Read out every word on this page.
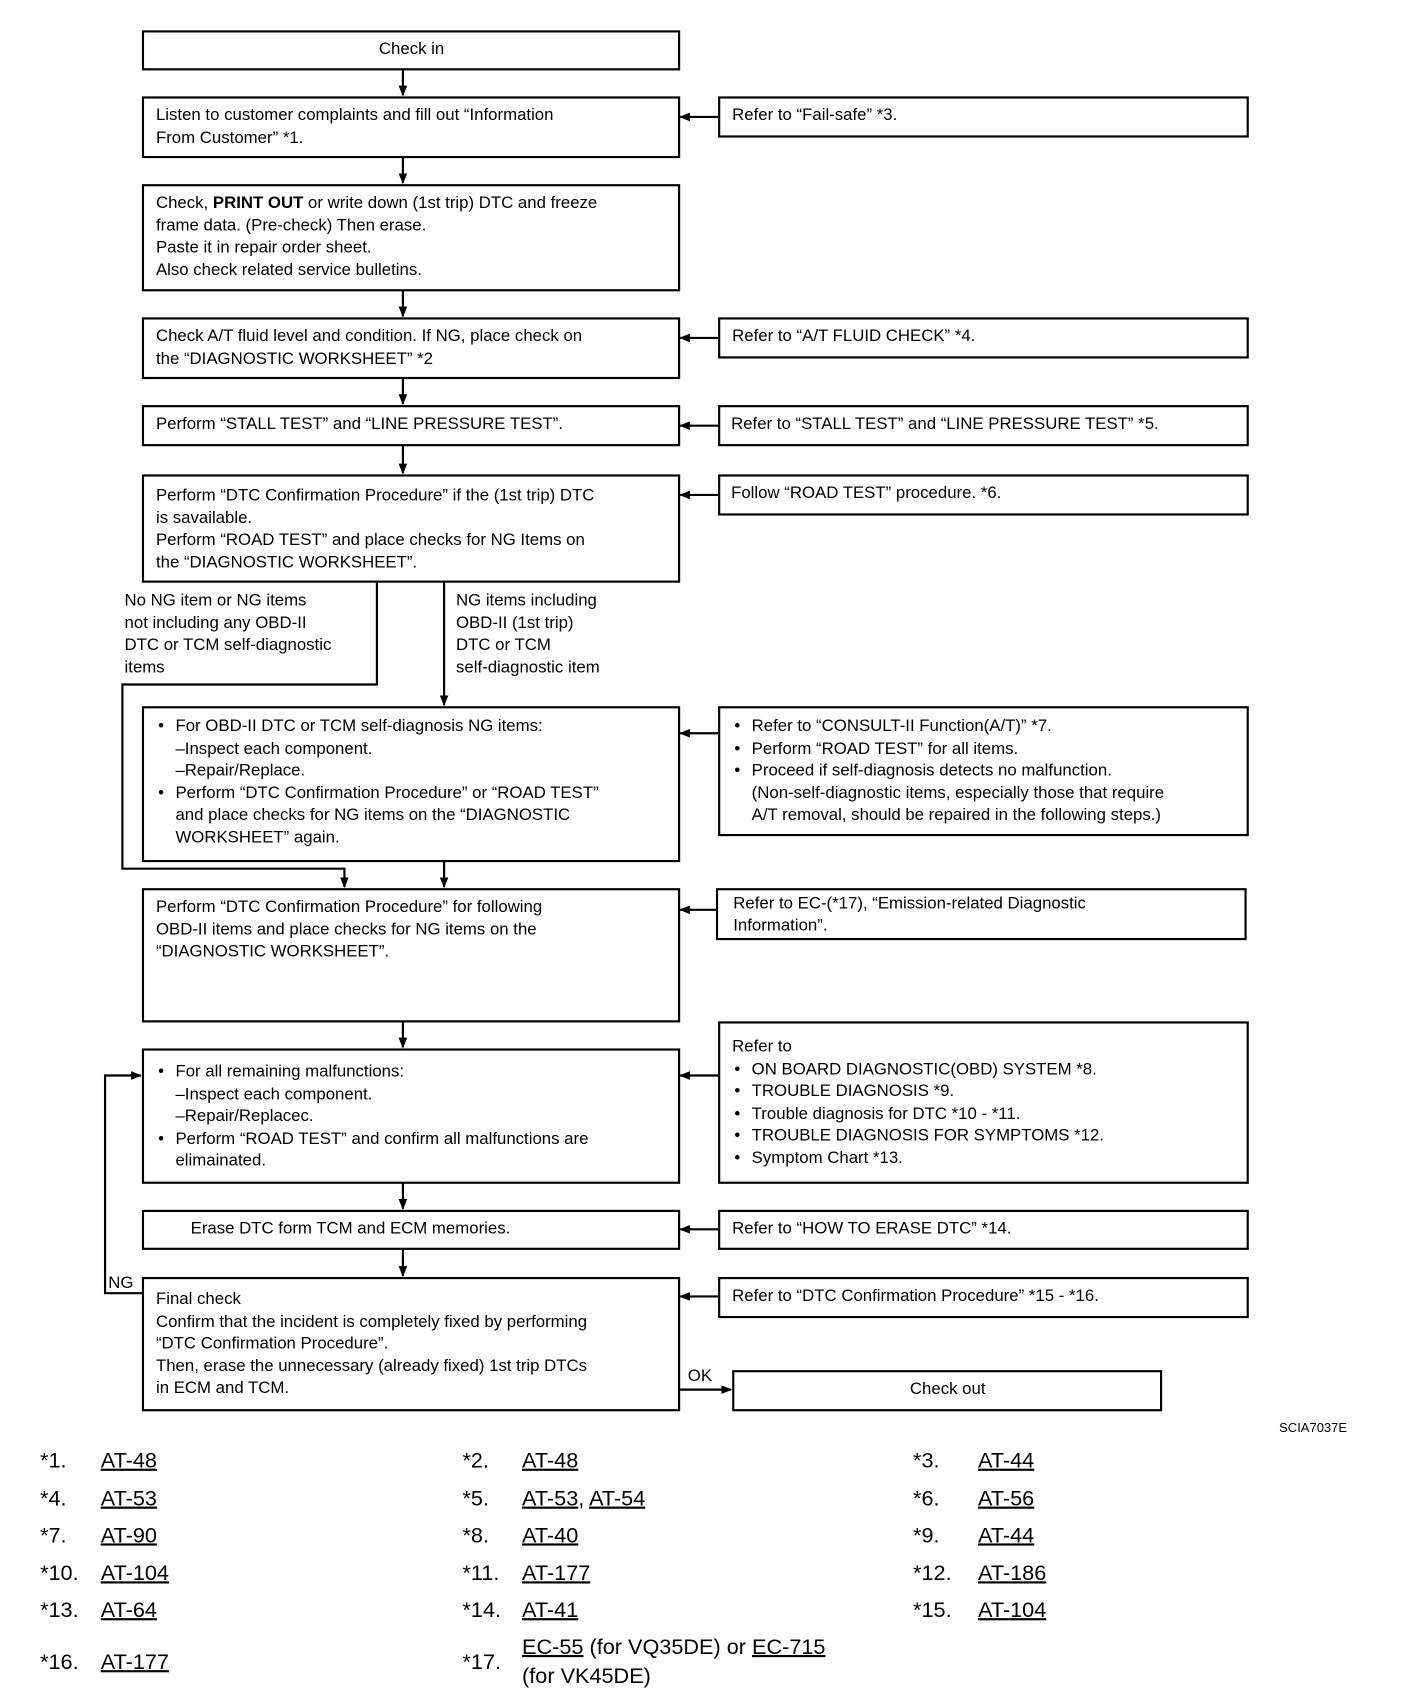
Check in
Listen to customer complaints and fill out “Information
From Customer” *1.
Refer to “Fail-safe” *3.
Check, PRINT OUT or write down (1st trip) DTC and freeze
frame data. (Pre-check) Then erase.
Paste it in repair order sheet.
Also check related service bulletins.
Check A/T fluid level and condition. If NG, place check on
the “DIAGNOSTIC WORKSHEET” *2
Refer to “A/T FLUID CHECK” *4.
Perform “STALL TEST” and “LINE PRESSURE TEST”.	Refer to “STALL TEST” and “LINE PRESSURE TEST” *5.
Perform “DTC Confirmation Procedure” if the (1st trip) DTC
is savailable.
Perform “ROAD TEST” and place checks for NG Items on
the “DIAGNOSTIC WORKSHEET”.
Follow “ROAD TEST” procedure. *6.
No NG item or NG items
not including any OBD-II
DTC or TCM self-diagnostic
items
NG items including
OBD-II (1st trip)
DTC or TCM
self-diagnostic item
• For OBD-II DTC or TCM self-diagnosis NG items:
–Inspect each component.
–Repair/Replace.
• Perform “DTC Confirmation Procedure” or “ROAD TEST”
and place checks for NG items on the “DIAGNOSTIC
WORKSHEET” again.
• Refer to “CONSULT-II Function(A/T)” *7.
• Perform “ROAD TEST” for all items.
• Proceed if self-diagnosis detects no malfunction.
(Non-self-diagnostic items, especially those that require
A/T removal, should be repaired in the following steps.)
Perform “DTC Confirmation Procedure” for following
OBD-II items and place checks for NG items on the
“DIAGNOSTIC WORKSHEET”.
Refer to EC-(*17), “Emission-related Diagnostic
Information”.
• For all remaining malfunctions:
–Inspect each component.
–Repair/Replacec.
• Perform “ROAD TEST” and confirm all malfunctions are
elimainated.
Refer to
• ON BOARD DIAGNOSTIC(OBD) SYSTEM *8.
• TROUBLE DIAGNOSIS *9.
• Trouble diagnosis for DTC *10 - *11.
• TROUBLE DIAGNOSIS FOR SYMPTOMS *12.
• Symptom Chart *13.
Erase DTC form TCM and ECM memories.	Refer to “HOW TO ERASE DTC” *14.
NG
Final check
Confirm that the incident is completely fixed by performing
“DTC Confirmation Procedure”.
Then, erase the unnecessary (already fixed) 1st trip DTCs
in ECM and TCM.
Refer to “DTC Confirmation Procedure” *15 - *16.
OK
Check out
SCIA7037E
*1. AT-48	*2. AT-48	*3. AT-44
*4. AT-53	*5. AT-53, AT-54	*6. AT-56
*7. AT-90	*8. AT-40	*9. AT-44
*10. AT-104	*11. AT-177	*12. AT-186
*13. AT-64	*14. AT-41	*15. AT-104
*16. AT-177	*17.
EC-55 (for VQ35DE) or EC-715
(for VK45DE)
